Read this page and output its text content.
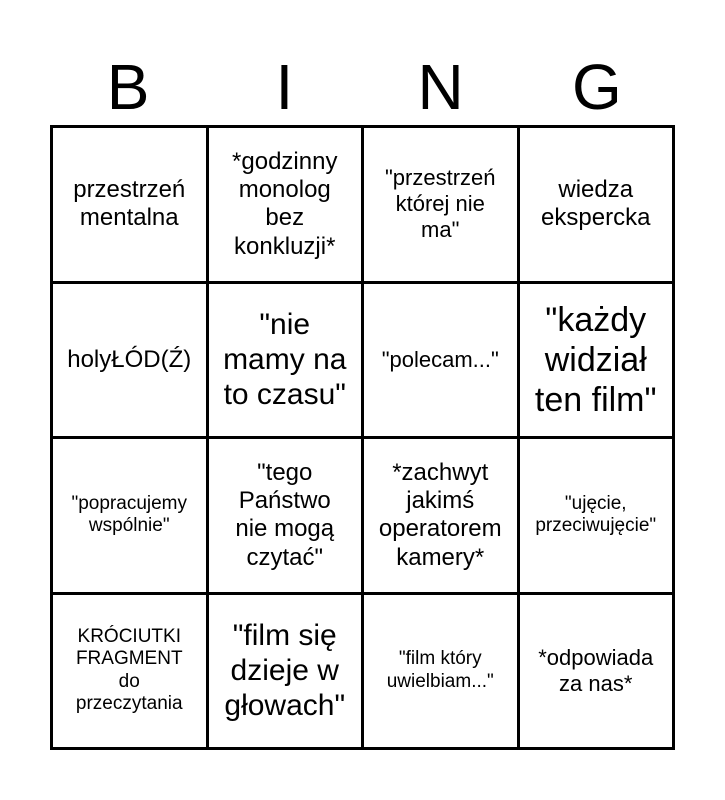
B	I	N	G
przestrzeń
mentalna
*godzinny
monolog
bez
konkluzji*
"przestrzeń
której nie
ma"
wiedza
ekspercka
holyŁÓD(Ź)
"nie
mamy na
to czasu"
"polecam..."
"każdy
widział
ten film"
"popracujemy
wspólnie"
"tego
Państwo
nie mogą
czytać"
*zachwyt
jakimś
operatorem
kamery*
"ujęcie,
przeciwujęcie"
KRÓCIUTKI
FRAGMENT
do
przeczytania
"film się
dzieje w
głowach"
"film który
uwielbiam..."
*odpowiada
za nas*
